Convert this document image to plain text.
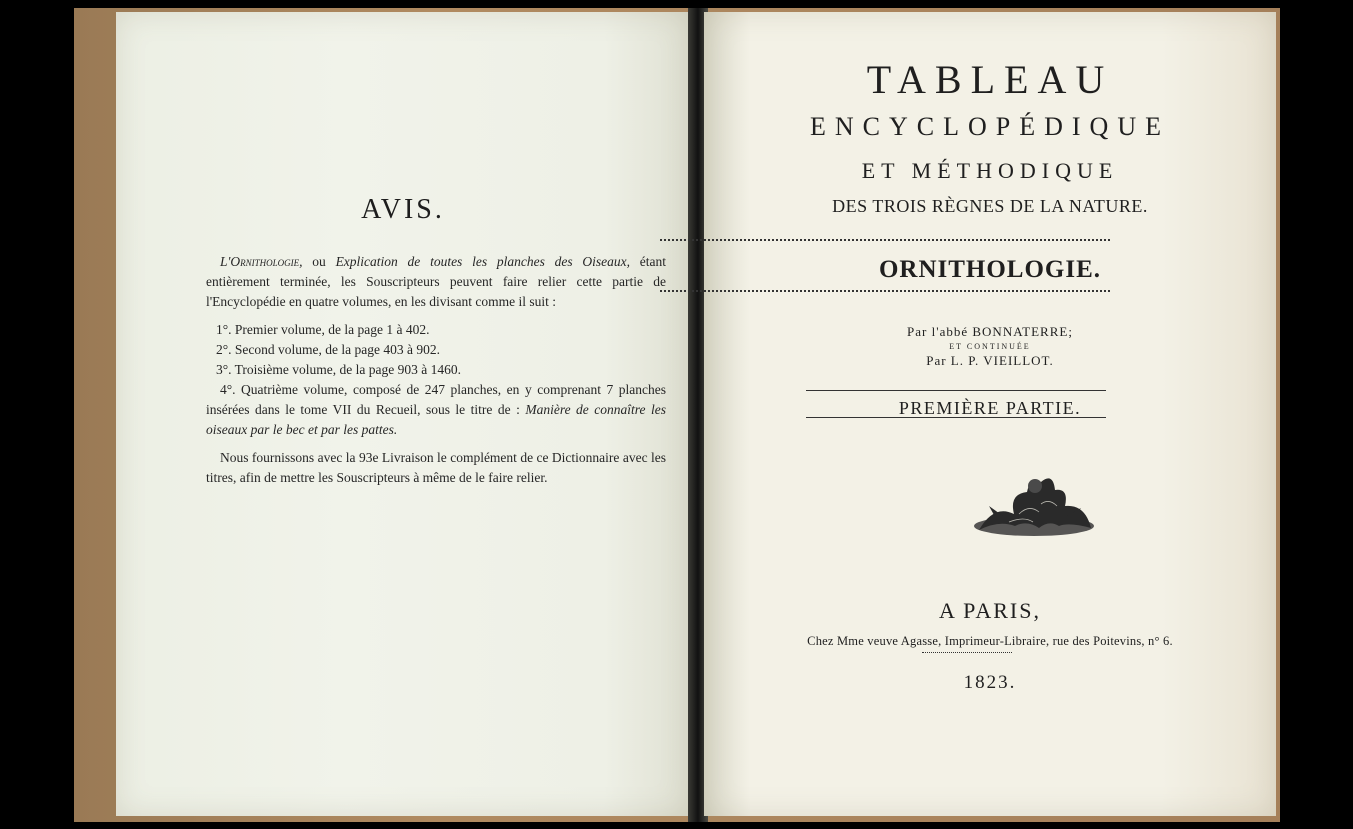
AVIS.

L'Ornithologie, ou Explication de toutes les planches des Oiseaux, étant entièrement terminée, les Souscripteurs peuvent faire relier cette partie de l'Encyclopédie en quatre volumes, en les divisant comme il suit :

1°. Premier volume, de la page 1 à 402.

2°. Second volume, de la page 403 à 902.

3°. Troisième volume, de la page 903 à 1460.

4°. Quatrième volume, composé de 247 planches, en y comprenant 7 planches insérées dans le tome VII du Recueil, sous le titre de : Manière de connaître les oiseaux par le bec et par les pattes.

Nous fournissons avec la 93e Livraison le complément de ce Dictionnaire avec les titres, afin de mettre les Souscripteurs à même de le faire relier.

TABLEAU
ENCYCLOPÉDIQUE
ET MÉTHODIQUE
DES TROIS RÈGNES DE LA NATURE.
ORNITHOLOGIE.
Par l'abbé BONNATERRE;
ET CONTINUÉE
Par L. P. VIEILLOT.
PREMIÈRE PARTIE.
A PARIS,
Chez Mme veuve Agasse, Imprimeur-Libraire, rue des Poitevins, n° 6.
1823.
